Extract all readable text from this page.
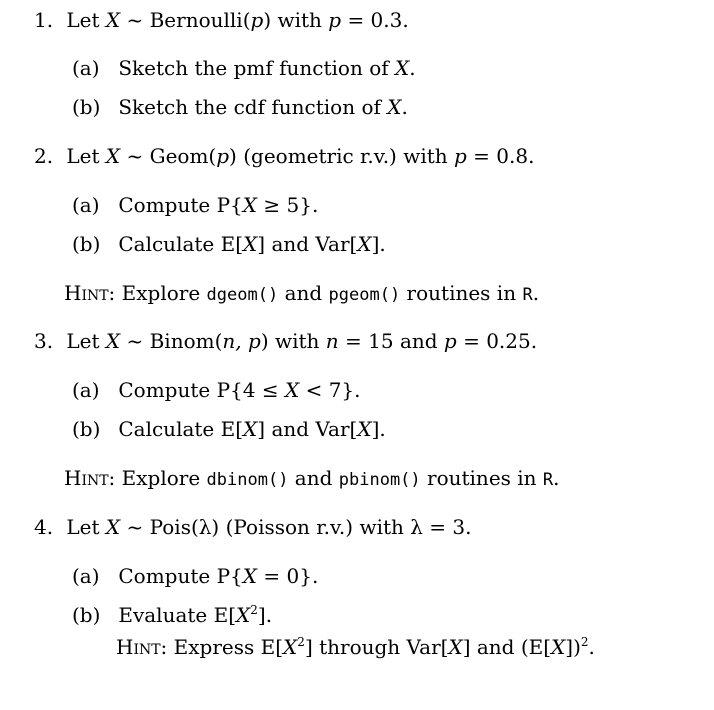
1. Let X ~ Bernoulli(p) with p = 0.3.
(a) Sketch the pmf function of X.
(b) Sketch the cdf function of X.
2. Let X ~ Geom(p) (geometric r.v.) with p = 0.8.
(a) Compute P{X ≥ 5}.
(b) Calculate E[X] and Var[X].
Hint: Explore dgeom() and pgeom() routines in R.
3. Let X ~ Binom(n, p) with n = 15 and p = 0.25.
(a) Compute P{4 ≤ X < 7}.
(b) Calculate E[X] and Var[X].
Hint: Explore dbinom() and pbinom() routines in R.
4. Let X ~ Pois(λ) (Poisson r.v.) with λ = 3.
(a) Compute P{X = 0}.
(b) Evaluate $E[X^2]$.
Hint: Express $E[X^2]$ through Var[X] and $(E[X])^2$.
